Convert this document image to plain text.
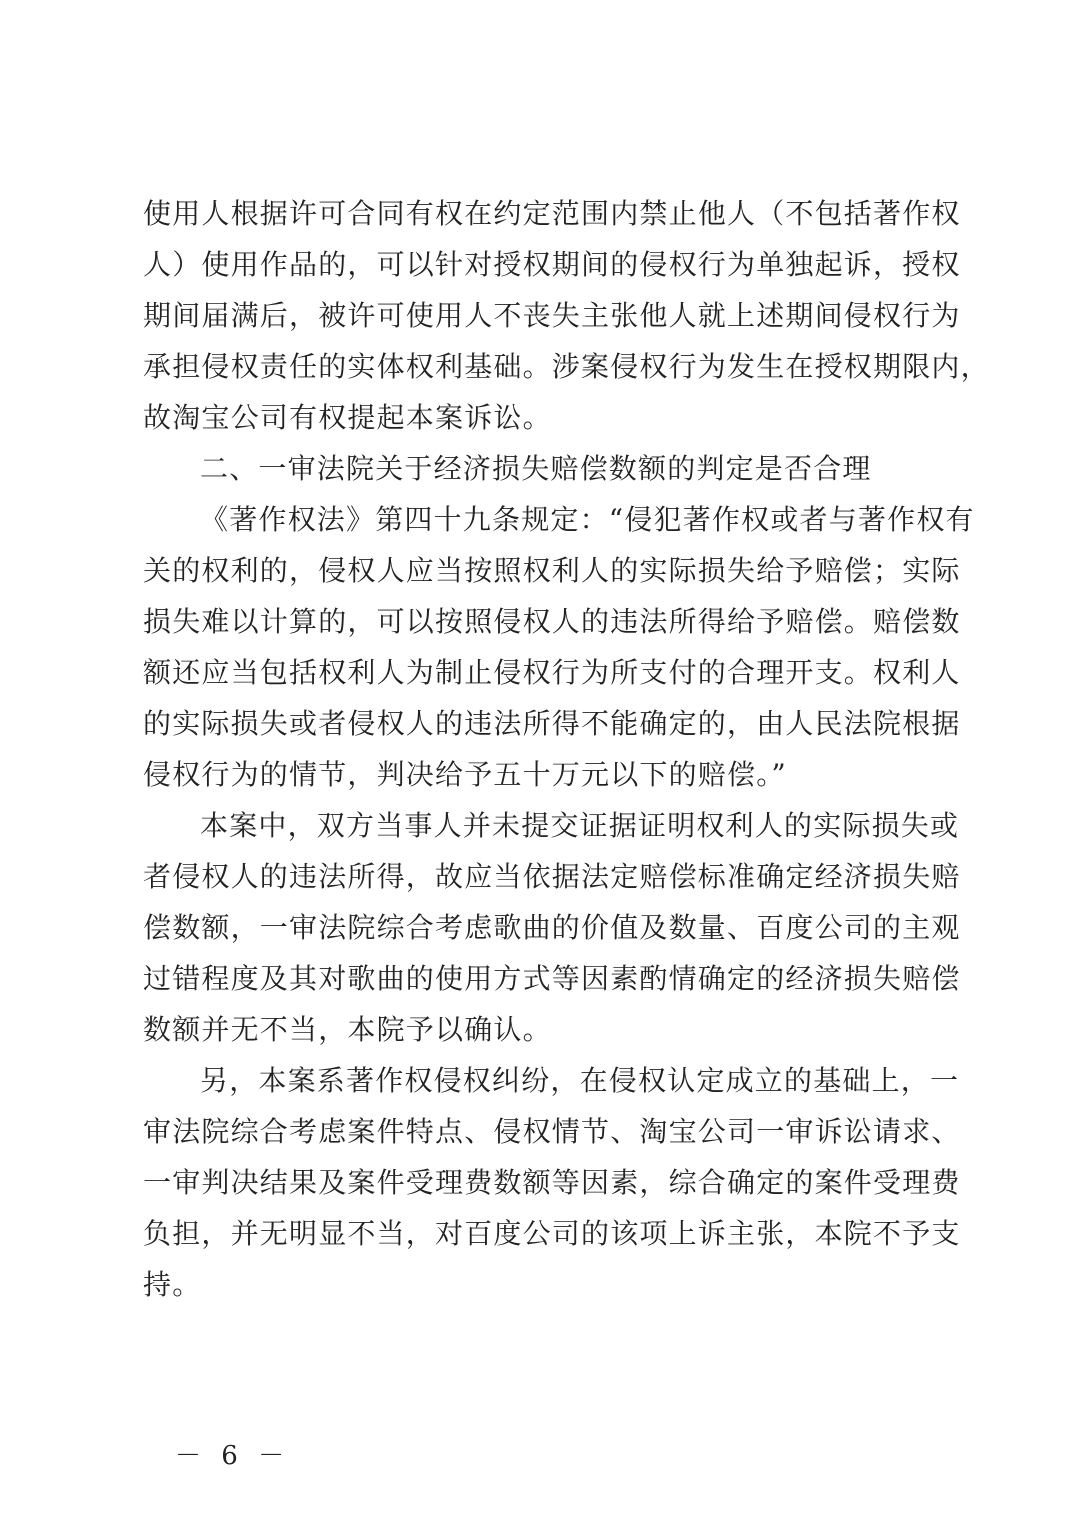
使用人根据许可合同有权在约定范围内禁止他人（不包括著作权
人）使用作品的，可以针对授权期间的侵权行为单独起诉，授权
期间届满后，被许可使用人不丧失主张他人就上述期间侵权行为
承担侵权责任的实体权利基础。涉案侵权行为发生在授权期限内，
故淘宝公司有权提起本案诉讼。
二、一审法院关于经济损失赔偿数额的判定是否合理
《著作权法》第四十九条规定：“侵犯著作权或者与著作权有
关的权利的，侵权人应当按照权利人的实际损失给予赔偿；实际
损失难以计算的，可以按照侵权人的违法所得给予赔偿。赔偿数
额还应当包括权利人为制止侵权行为所支付的合理开支。权利人
的实际损失或者侵权人的违法所得不能确定的，由人民法院根据
侵权行为的情节，判决给予五十万元以下的赔偿。”
本案中，双方当事人并未提交证据证明权利人的实际损失或
者侵权人的违法所得，故应当依据法定赔偿标准确定经济损失赔
偿数额，一审法院综合考虑歌曲的价值及数量、百度公司的主观
过错程度及其对歌曲的使用方式等因素酌情确定的经济损失赔偿
数额并无不当，本院予以确认。
另，本案系著作权侵权纠纷，在侵权认定成立的基础上，一
审法院综合考虑案件特点、侵权情节、淘宝公司一审诉讼请求、
一审判决结果及案件受理费数额等因素，综合确定的案件受理费
负担，并无明显不当，对百度公司的该项上诉主张，本院不予支
持。
－ 6 －
